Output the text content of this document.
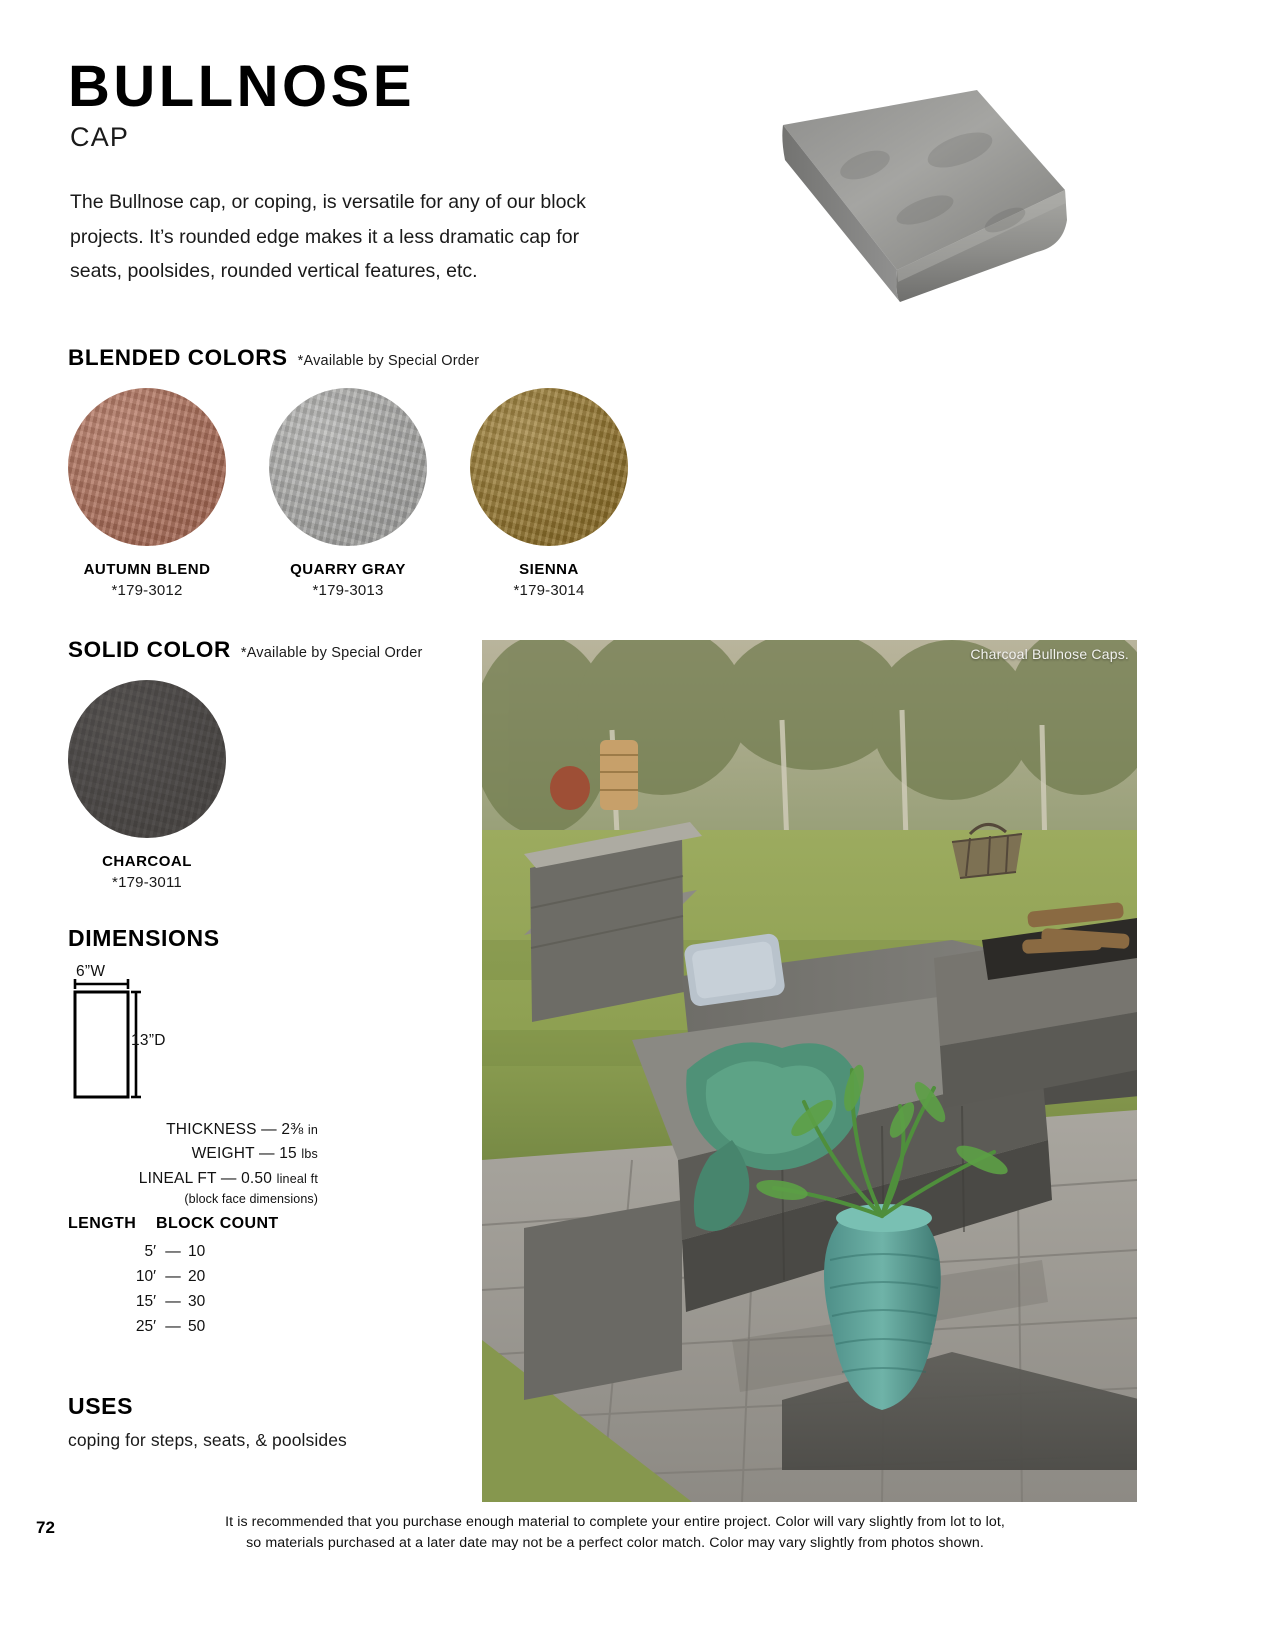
BULLNOSE
CAP

The Bullnose cap, or coping, is versatile for any of our block projects. It’s rounded edge makes it a less dramatic cap for seats, poolsides, rounded vertical features, etc.

BLENDED COLORS *Available by Special Order
AUTUMN BLEND
*179-3012
QUARRY GRAY
*179-3013
SIENNA
*179-3014
SOLID COLOR *Available by Special Order
CHARCOAL
*179-3011
DIMENSIONS
6”W
13”D
THICKNESS — 2⅜ in
WEIGHT — 15 lbs
LINEAL FT — 0.50 lineal ft
(block face dimensions)
LENGTH	BLOCK COUNT
5′ — 10
10′ — 20
15′ — 30
25′ — 50
USES
coping for steps, seats, & poolsides
Charcoal Bullnose Caps.
72	It is recommended that you purchase enough material to complete your entire project. Color will vary slightly from lot to lot,
so materials purchased at a later date may not be a perfect color match. Color may vary slightly from photos shown.
